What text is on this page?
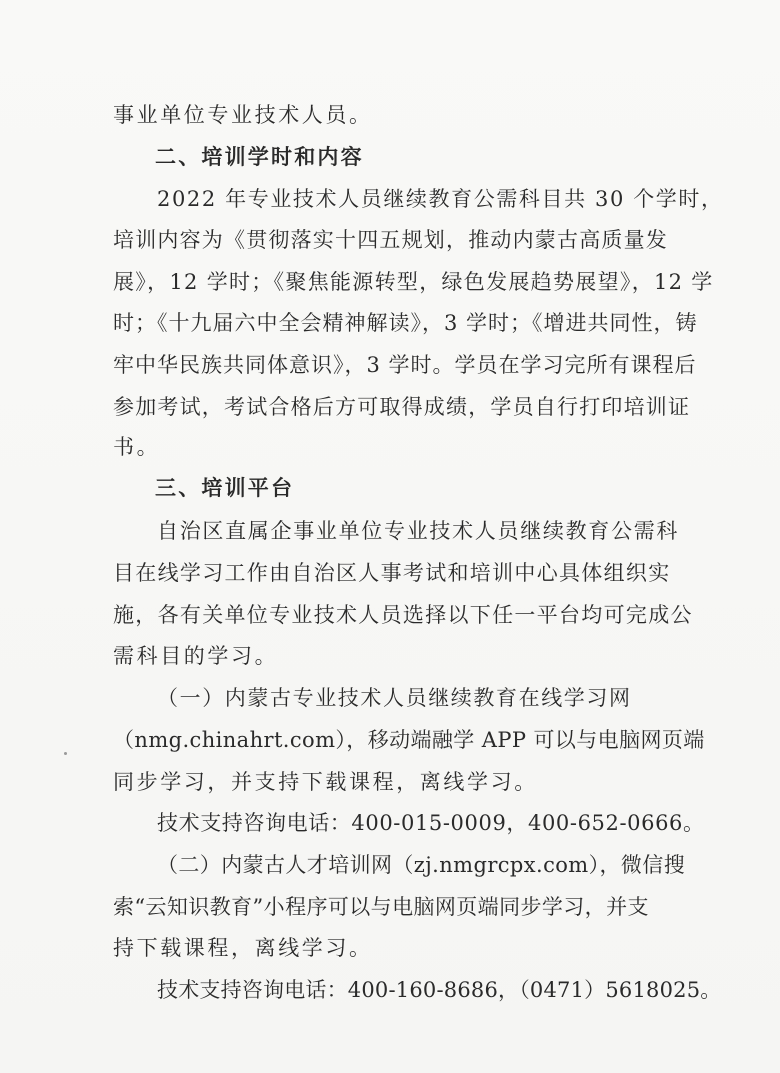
事业单位专业技术人员。
二、培训学时和内容
2022 年专业技术人员继续教育公需科目共 30 个学时，
培训内容为《贯彻落实十四五规划，推动内蒙古高质量发
展》，12 学时；《聚焦能源转型，绿色发展趋势展望》，12 学
时；《十九届六中全会精神解读》，3 学时；《增进共同性，铸
牢中华民族共同体意识》，3 学时。学员在学习完所有课程后
参加考试，考试合格后方可取得成绩，学员自行打印培训证
书。
三、培训平台
自治区直属企事业单位专业技术人员继续教育公需科
目在线学习工作由自治区人事考试和培训中心具体组织实
施，各有关单位专业技术人员选择以下任一平台均可完成公
需科目的学习。
（一）内蒙古专业技术人员继续教育在线学习网
（nmg.chinahrt.com），移动端融学 APP 可以与电脑网页端
同步学习，并支持下载课程，离线学习。
技术支持咨询电话：400-015-0009，400-652-0666。
（二）内蒙古人才培训网（zj.nmgrcpx.com），微信搜
索“云知识教育”小程序可以与电脑网页端同步学习，并支
持下载课程，离线学习。
技术支持咨询电话：400-160-8686，（0471）5618025。
